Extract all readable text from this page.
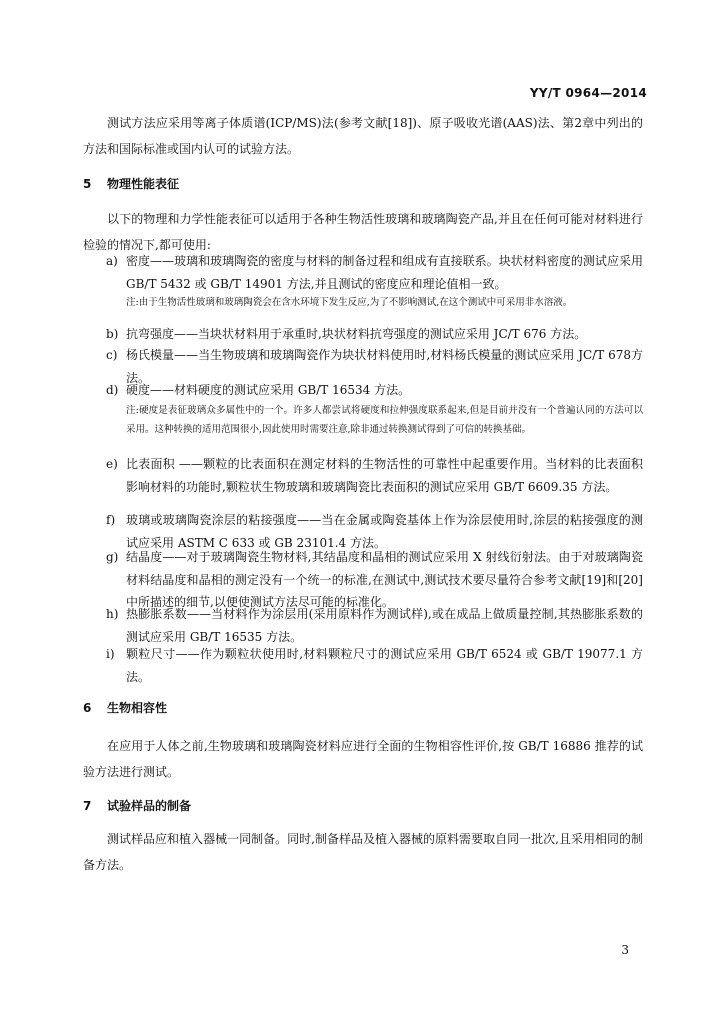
YY/T 0964—2014

测试方法应采用等离子体质谱(ICP/MS)法(参考文献[18])、原子吸收光谱(AAS)法、第2章中列出的方法和国际标准或国内认可的试验方法。

5 物理性能表征

以下的物理和力学性能表征可以适用于各种生物活性玻璃和玻璃陶瓷产品,并且在任何可能对材料进行检验的情况下,都可使用:

a) 密度——玻璃和玻璃陶瓷的密度与材料的制备过程和组成有直接联系。块状材料密度的测试应采用 GB/T 5432 或 GB/T 14901 方法,并且测试的密度应和理论值相一致。
注:由于生物活性玻璃和玻璃陶瓷会在含水环境下发生反应,为了不影响测试,在这个测试中可采用非水溶液。
b) 抗弯强度——当块状材料用于承重时,块状材料抗弯强度的测试应采用 JC/T 676 方法。
c) 杨氏模量——当生物玻璃和玻璃陶瓷作为块状材料使用时,材料杨氏模量的测试应采用 JC/T 678方法。
d) 硬度——材料硬度的测试应采用 GB/T 16534 方法。
注:硬度是表征玻璃众多属性中的一个。许多人都尝试将硬度和拉伸强度联系起来,但是目前并没有一个普遍认同的方法可以采用。这种转换的适用范围很小,因此使用时需要注意,除非通过转换测试得到了可信的转换基础。
e) 比表面积 ——颗粒的比表面积在测定材料的生物活性的可靠性中起重要作用。当材料的比表面积影响材料的功能时,颗粒状生物玻璃和玻璃陶瓷比表面积的测试应采用 GB/T 6609.35 方法。
f) 玻璃或玻璃陶瓷涂层的粘接强度——当在金属或陶瓷基体上作为涂层使用时,涂层的粘接强度的测试应采用 ASTM C 633 或 GB 23101.4 方法。
g) 结晶度——对于玻璃陶瓷生物材料,其结晶度和晶相的测试应采用 X 射线衍射法。由于对玻璃陶瓷材料结晶度和晶相的测定没有一个统一的标准,在测试中,测试技术要尽量符合参考文献[19]和[20]中所描述的细节,以便使测试方法尽可能的标准化。
h) 热膨胀系数——当材料作为涂层用(采用原料作为测试样),或在成品上做质量控制,其热膨胀系数的测试应采用 GB/T 16535 方法。
i) 颗粒尺寸——作为颗粒状使用时,材料颗粒尺寸的测试应采用 GB/T 6524 或 GB/T 19077.1 方法。
6 生物相容性

在应用于人体之前,生物玻璃和玻璃陶瓷材料应进行全面的生物相容性评价,按 GB/T 16886 推荐的试验方法进行测试。

7 试验样品的制备

测试样品应和植入器械一同制备。同时,制备样品及植入器械的原料需要取自同一批次,且采用相同的制备方法。

3
